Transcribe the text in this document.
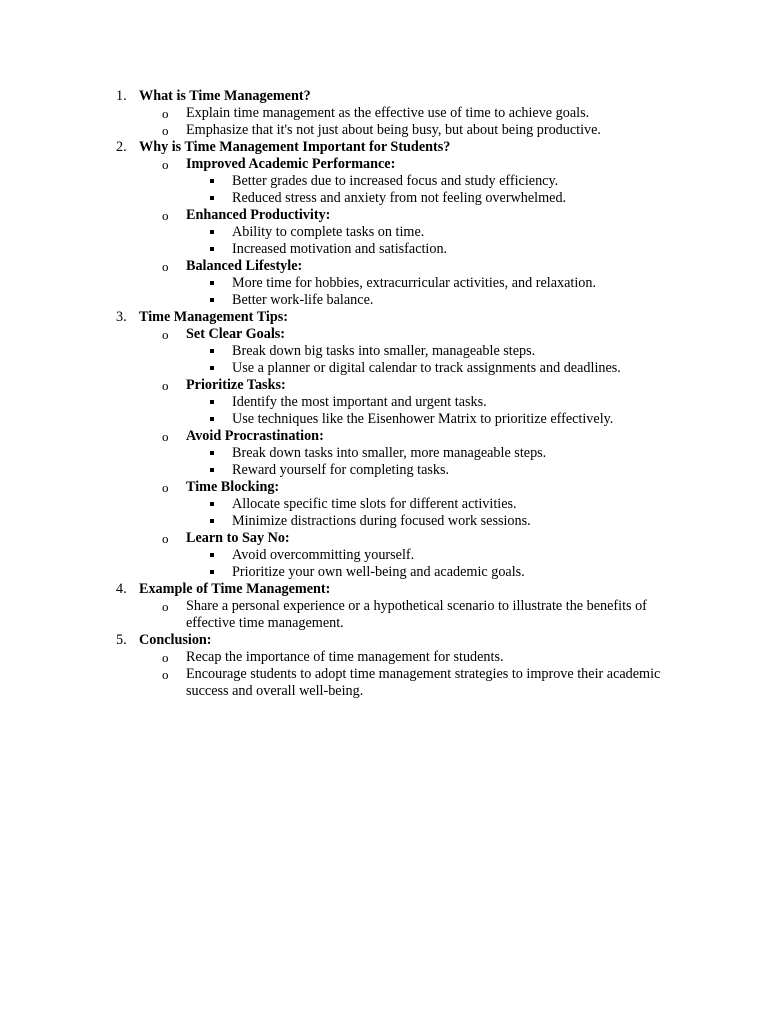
1. What is Time Management?
o Explain time management as the effective use of time to achieve goals.
o Emphasize that it's not just about being busy, but about being productive.
2. Why is Time Management Important for Students?
o Improved Academic Performance:
Better grades due to increased focus and study efficiency.
Reduced stress and anxiety from not feeling overwhelmed.
o Enhanced Productivity:
Ability to complete tasks on time.
Increased motivation and satisfaction.
o Balanced Lifestyle:
More time for hobbies, extracurricular activities, and relaxation.
Better work-life balance.
3. Time Management Tips:
o Set Clear Goals:
Break down big tasks into smaller, manageable steps.
Use a planner or digital calendar to track assignments and deadlines.
o Prioritize Tasks:
Identify the most important and urgent tasks.
Use techniques like the Eisenhower Matrix to prioritize effectively.
o Avoid Procrastination:
Break down tasks into smaller, more manageable steps.
Reward yourself for completing tasks.
o Time Blocking:
Allocate specific time slots for different activities.
Minimize distractions during focused work sessions.
o Learn to Say No:
Avoid overcommitting yourself.
Prioritize your own well-being and academic goals.
4. Example of Time Management:
o Share a personal experience or a hypothetical scenario to illustrate the benefits of effective time management.
5. Conclusion:
o Recap the importance of time management for students.
o Encourage students to adopt time management strategies to improve their academic success and overall well-being.
